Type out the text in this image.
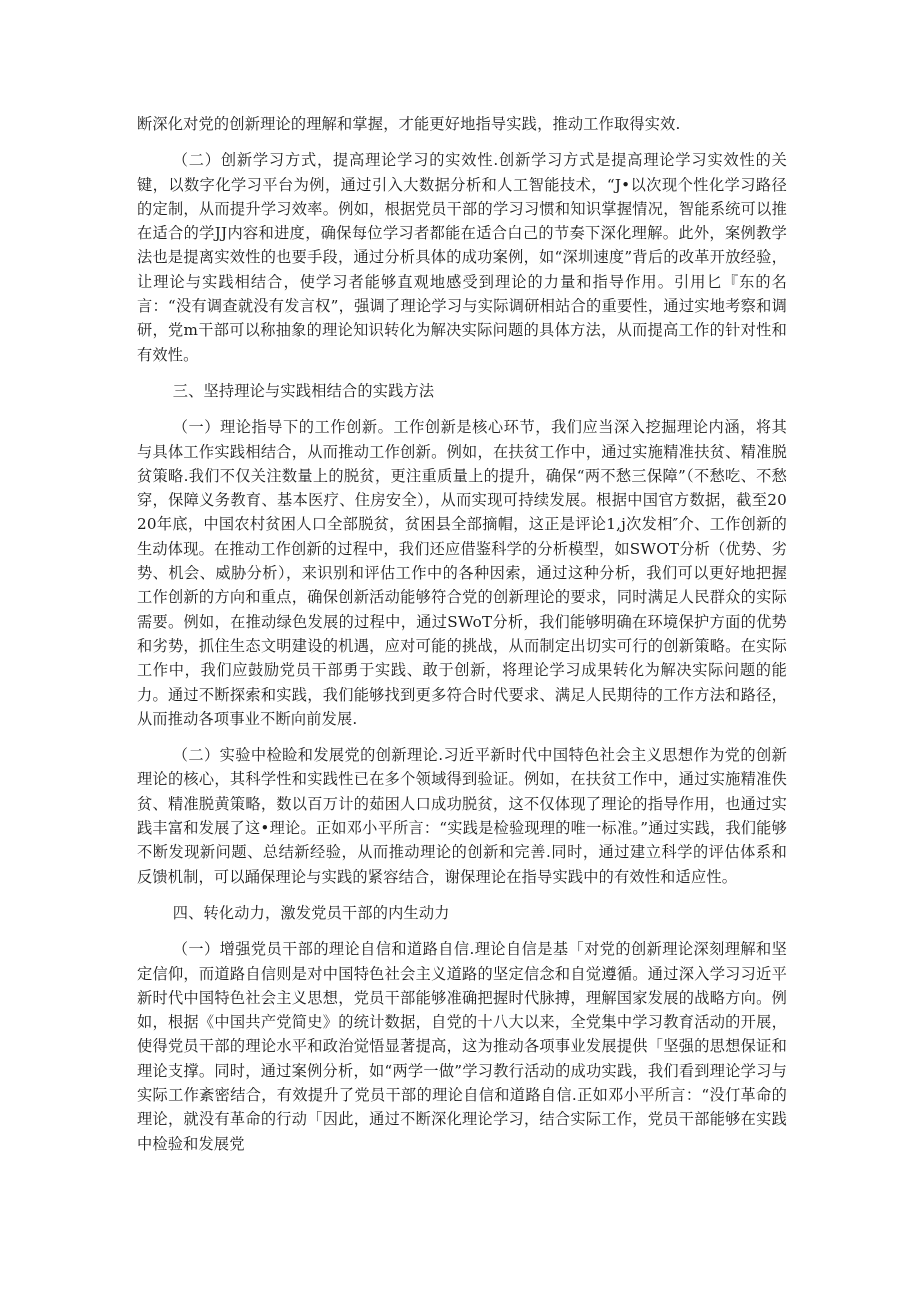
断深化对党的创新理论的理解和掌握，才能更好地指导实践，推动工作取得实效.

（二）创新学习方式，提高理论学习的实效性.创新学习方式是提高理论学习实效性的关键，以数字化学习平台为例，通过引入大数据分析和人工智能技术，“J•以次现个性化学习路径的定制，从而提升学习效率。例如，根据党员干部的学习习惯和知识掌握情况，智能系统可以推在适合的学JJ内容和进度，确保每位学习者都能在适合白己的节奏下深化理解。此外，案例教学法也是提离实效性的也要手段，通过分析具体的成功案例，如“深圳速度”背后的改革开放经验，让理论与实践相结合，使学习者能够直观地感受到理论的力量和指导作用。引用匕『东的名言：“没有调查就没有发言权”，强调了理论学习与实际调研相站合的重要性，通过实地考察和调研，党m干部可以称抽象的理论知识转化为解决实际问题的具体方法，从而提高工作的针对性和有效性。

三、坚持理论与实践相结合的实践方法

（一）理论指导下的工作创新。工作创新是核心环节，我们应当深入挖掘理论内涵，将其与具体工作实践相结合，从而推动工作创新。例如，在扶贫工作中，通过实施精准扶贫、精准脱贫策略.我们不仅关注数量上的脱贫，更注重质量上的提升，确保“两不愁三保障”（不愁吃、不愁穿，保障义务教育、基本医疗、住房安全），从而实现可持续发展。根据中国官方数据，截至2020年底，中国农村贫困人口全部脱贫，贫困县全部摘帽，这正是评论1,j次发相″介、工作创新的生动体现。在推动工作创新的过程中，我们还应借鉴科学的分析模型，如SWOT分析（优势、劣势、机会、威胁分析），来识别和评估工作中的各种因索，通过这种分析，我们可以更好地把握工作创新的方向和重点，确保创新活动能够符合党的创新理论的要求，同时满足人民群众的实际需要。例如，在推动绿色发展的过程中，通过SWoT分析，我们能够明确在环境保护方面的优势和劣势，抓住生态文明建设的机遇，应对可能的挑战，从而制定出切实可行的创新策略。在实际工作中，我们应鼓励党员干部勇于实践、敢于创新，将理论学习成果转化为解决实际问题的能力。通过不断探索和实践，我们能够找到更多符合时代要求、满足人民期待的工作方法和路径，从而推动各项事业不断向前发展.

（二）实验中检睑和发展党的创新理论.习近平新时代中国特色社会主义思想作为党的创新理论的核心，其科学性和实践性已在多个领域得到验证。例如，在扶贫工作中，通过实施精准佚贫、精准脱黄策略，数以百万计的茹困人口成功脱贫，这不仅体现了理论的指导作用，也通过实践丰富和发展了这•理论。正如邓小平所言：“实践是检验现理的唯一标准。”通过实践，我们能够不断发现新问题、总结新经验，从而推动理论的创新和完善.同时，通过建立科学的评估体系和反馈机制，可以踊保理论与实践的紧容结合，谢保理论在指导实践中的有效性和适应性。

四、转化动力，激发党员干部的内生动力

（一）增强党员干部的理论自信和道路自信.理论自信是基「对党的创新理论深刻理解和坚定信仰，而道路自信则是对中国特色社会主义道路的坚定信念和自觉遵循。通过深入学习习近平新时代中国特色社会主义思想，党员干部能够准确把握时代脉搏，理解国家发展的战略方向。例如，根据《中国共产党简史》的统计数据，自党的十八大以来，全党集中学习教育活动的开展，使得党员干部的理论水平和政治觉悟显著提高，这为推动各项事业发展提供「坚强的思想保证和理论支撑。同时，通过案例分析，如“两学一做”学习教行活动的成功实践，我们看到理论学习与实际工作紊密结合，有效提升了党员干部的理论自信和道路自信.正如邓小平所言：“没仃革命的理论，就没有革命的行动「因此，通过不断深化理论学习，结合实际工作，党员干部能够在实践中检验和发展党
